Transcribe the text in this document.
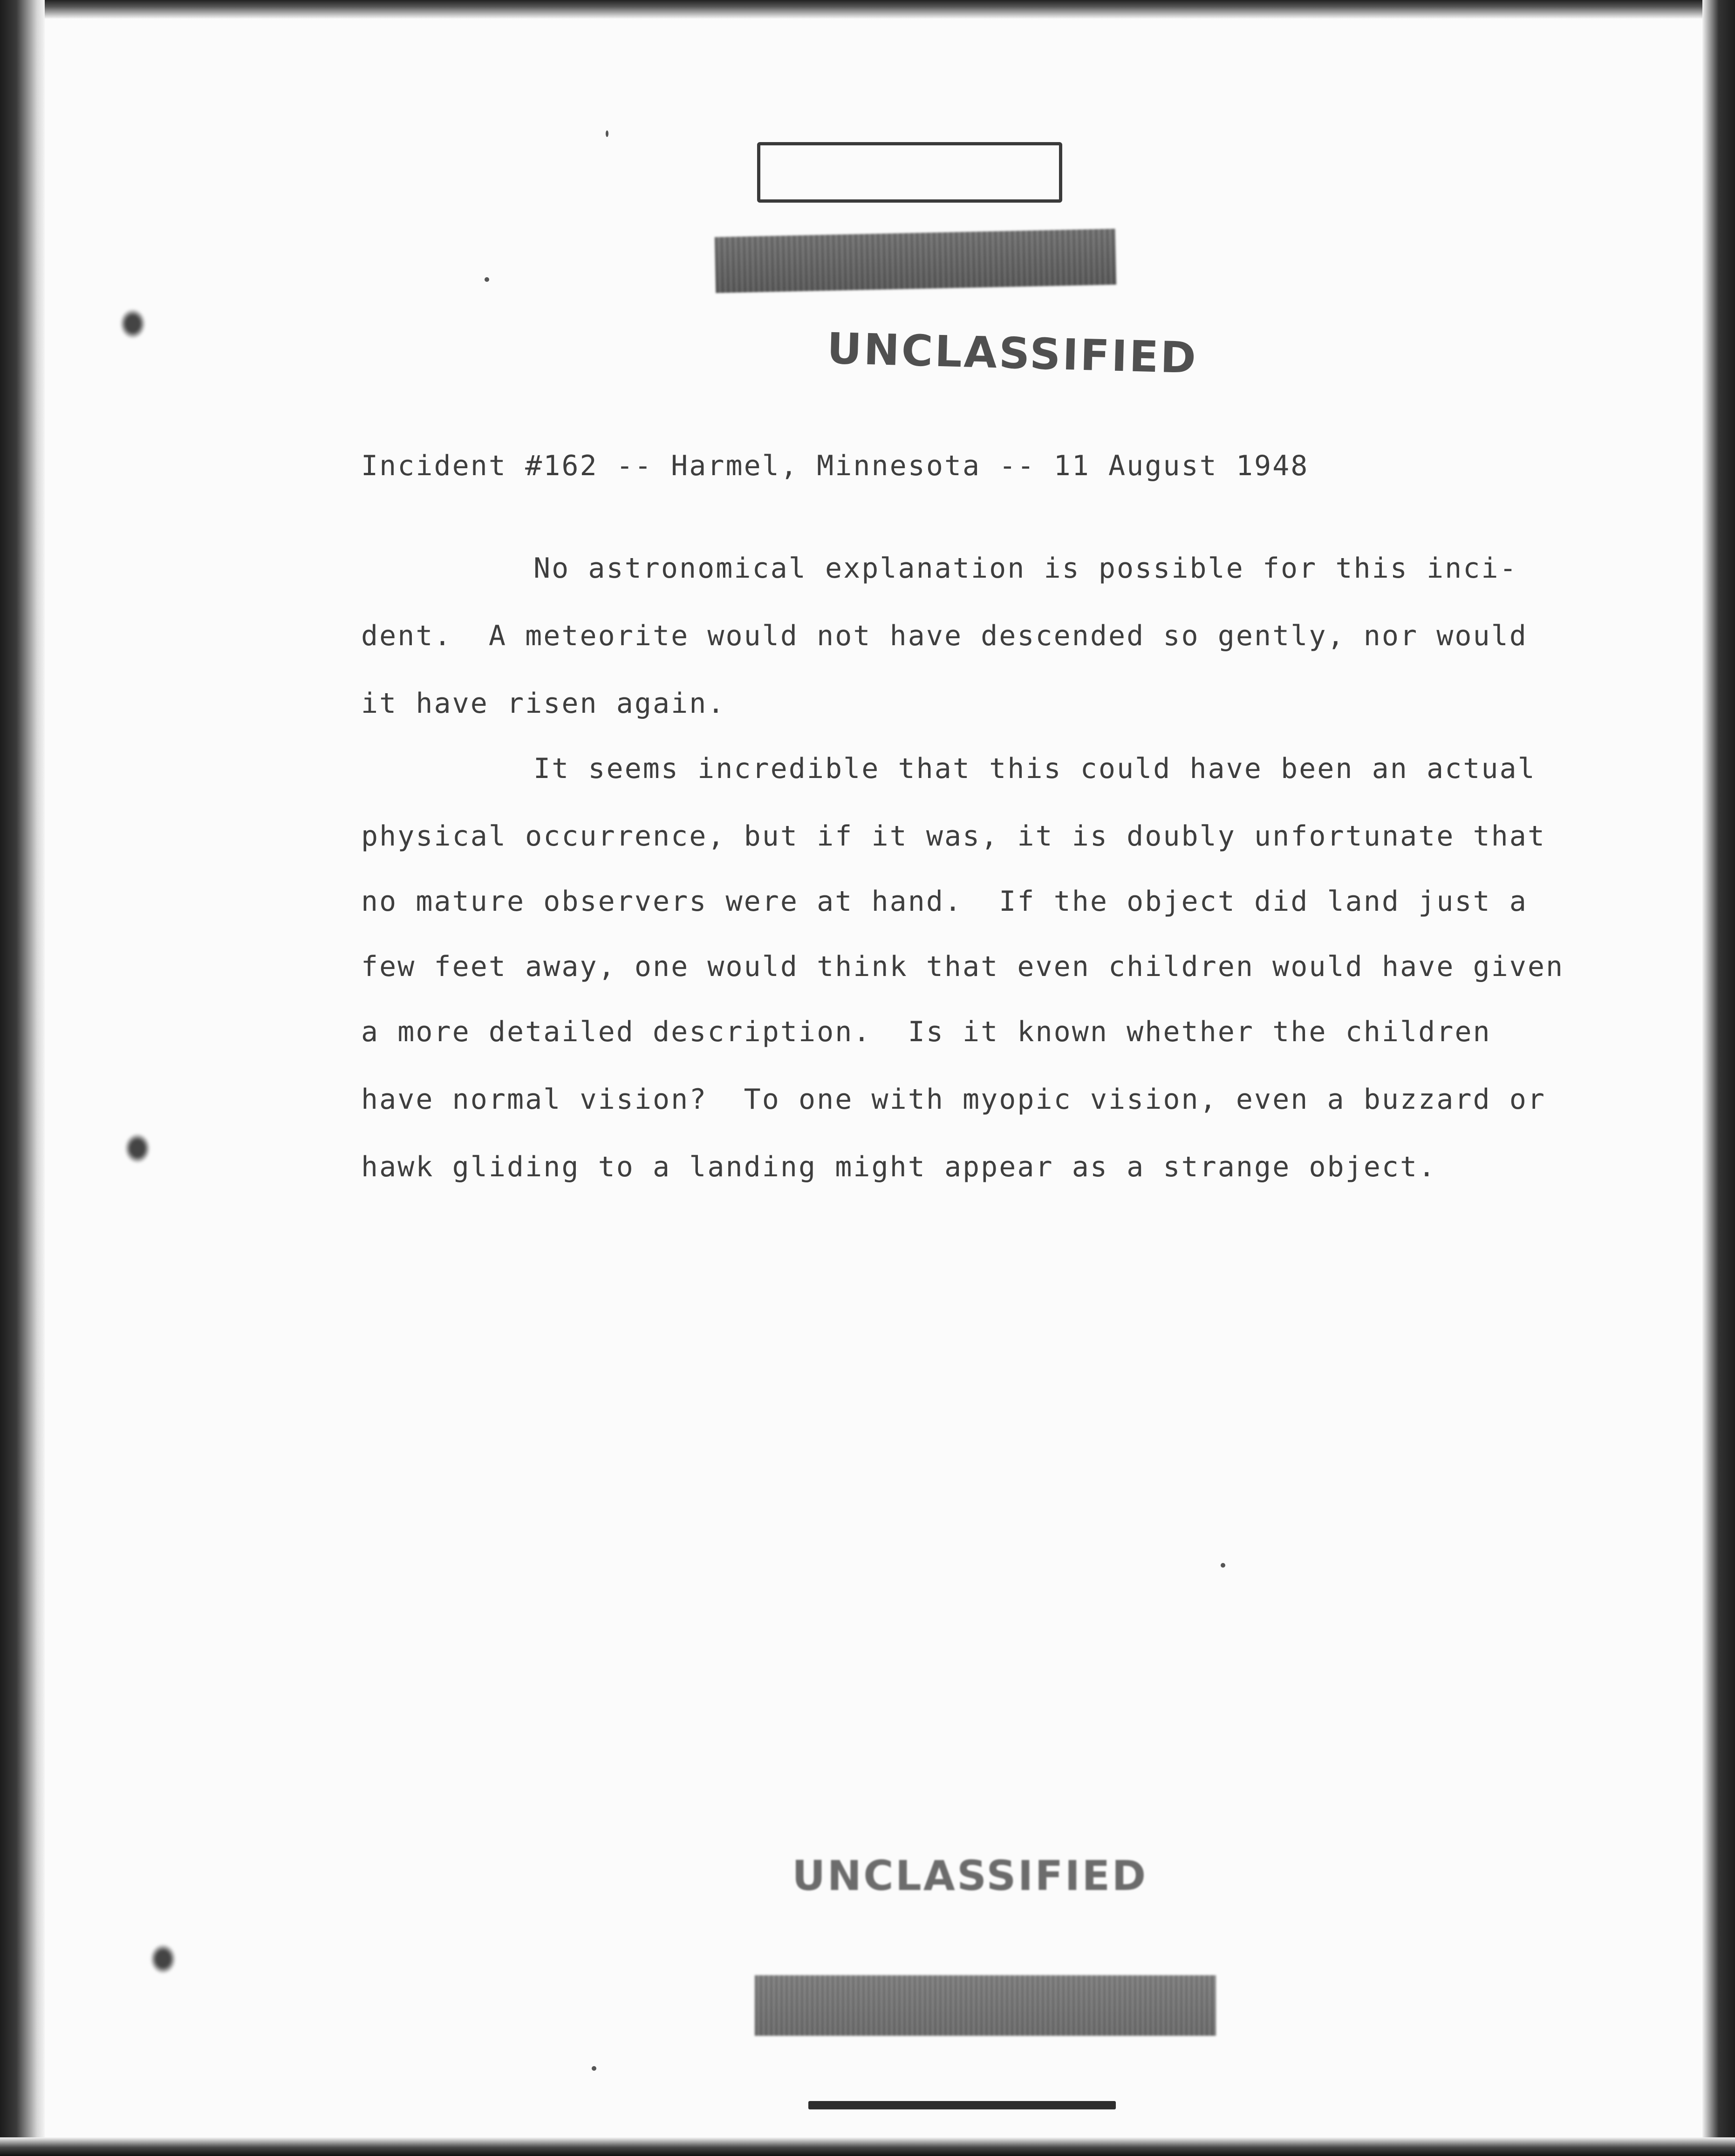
UNCLASSIFIED
Incident #162 -- Harmel, Minnesota -- 11 August 1948
No astronomical explanation is possible for this inci-
dent.  A meteorite would not have descended so gently, nor would
it have risen again.
It seems incredible that this could have been an actual
physical occurrence, but if it was, it is doubly unfortunate that
no mature observers were at hand.  If the object did land just a
few feet away, one would think that even children would have given
a more detailed description.  Is it known whether the children
have normal vision?  To one with myopic vision, even a buzzard or
hawk gliding to a landing might appear as a strange object.
UNCLASSIFIED
